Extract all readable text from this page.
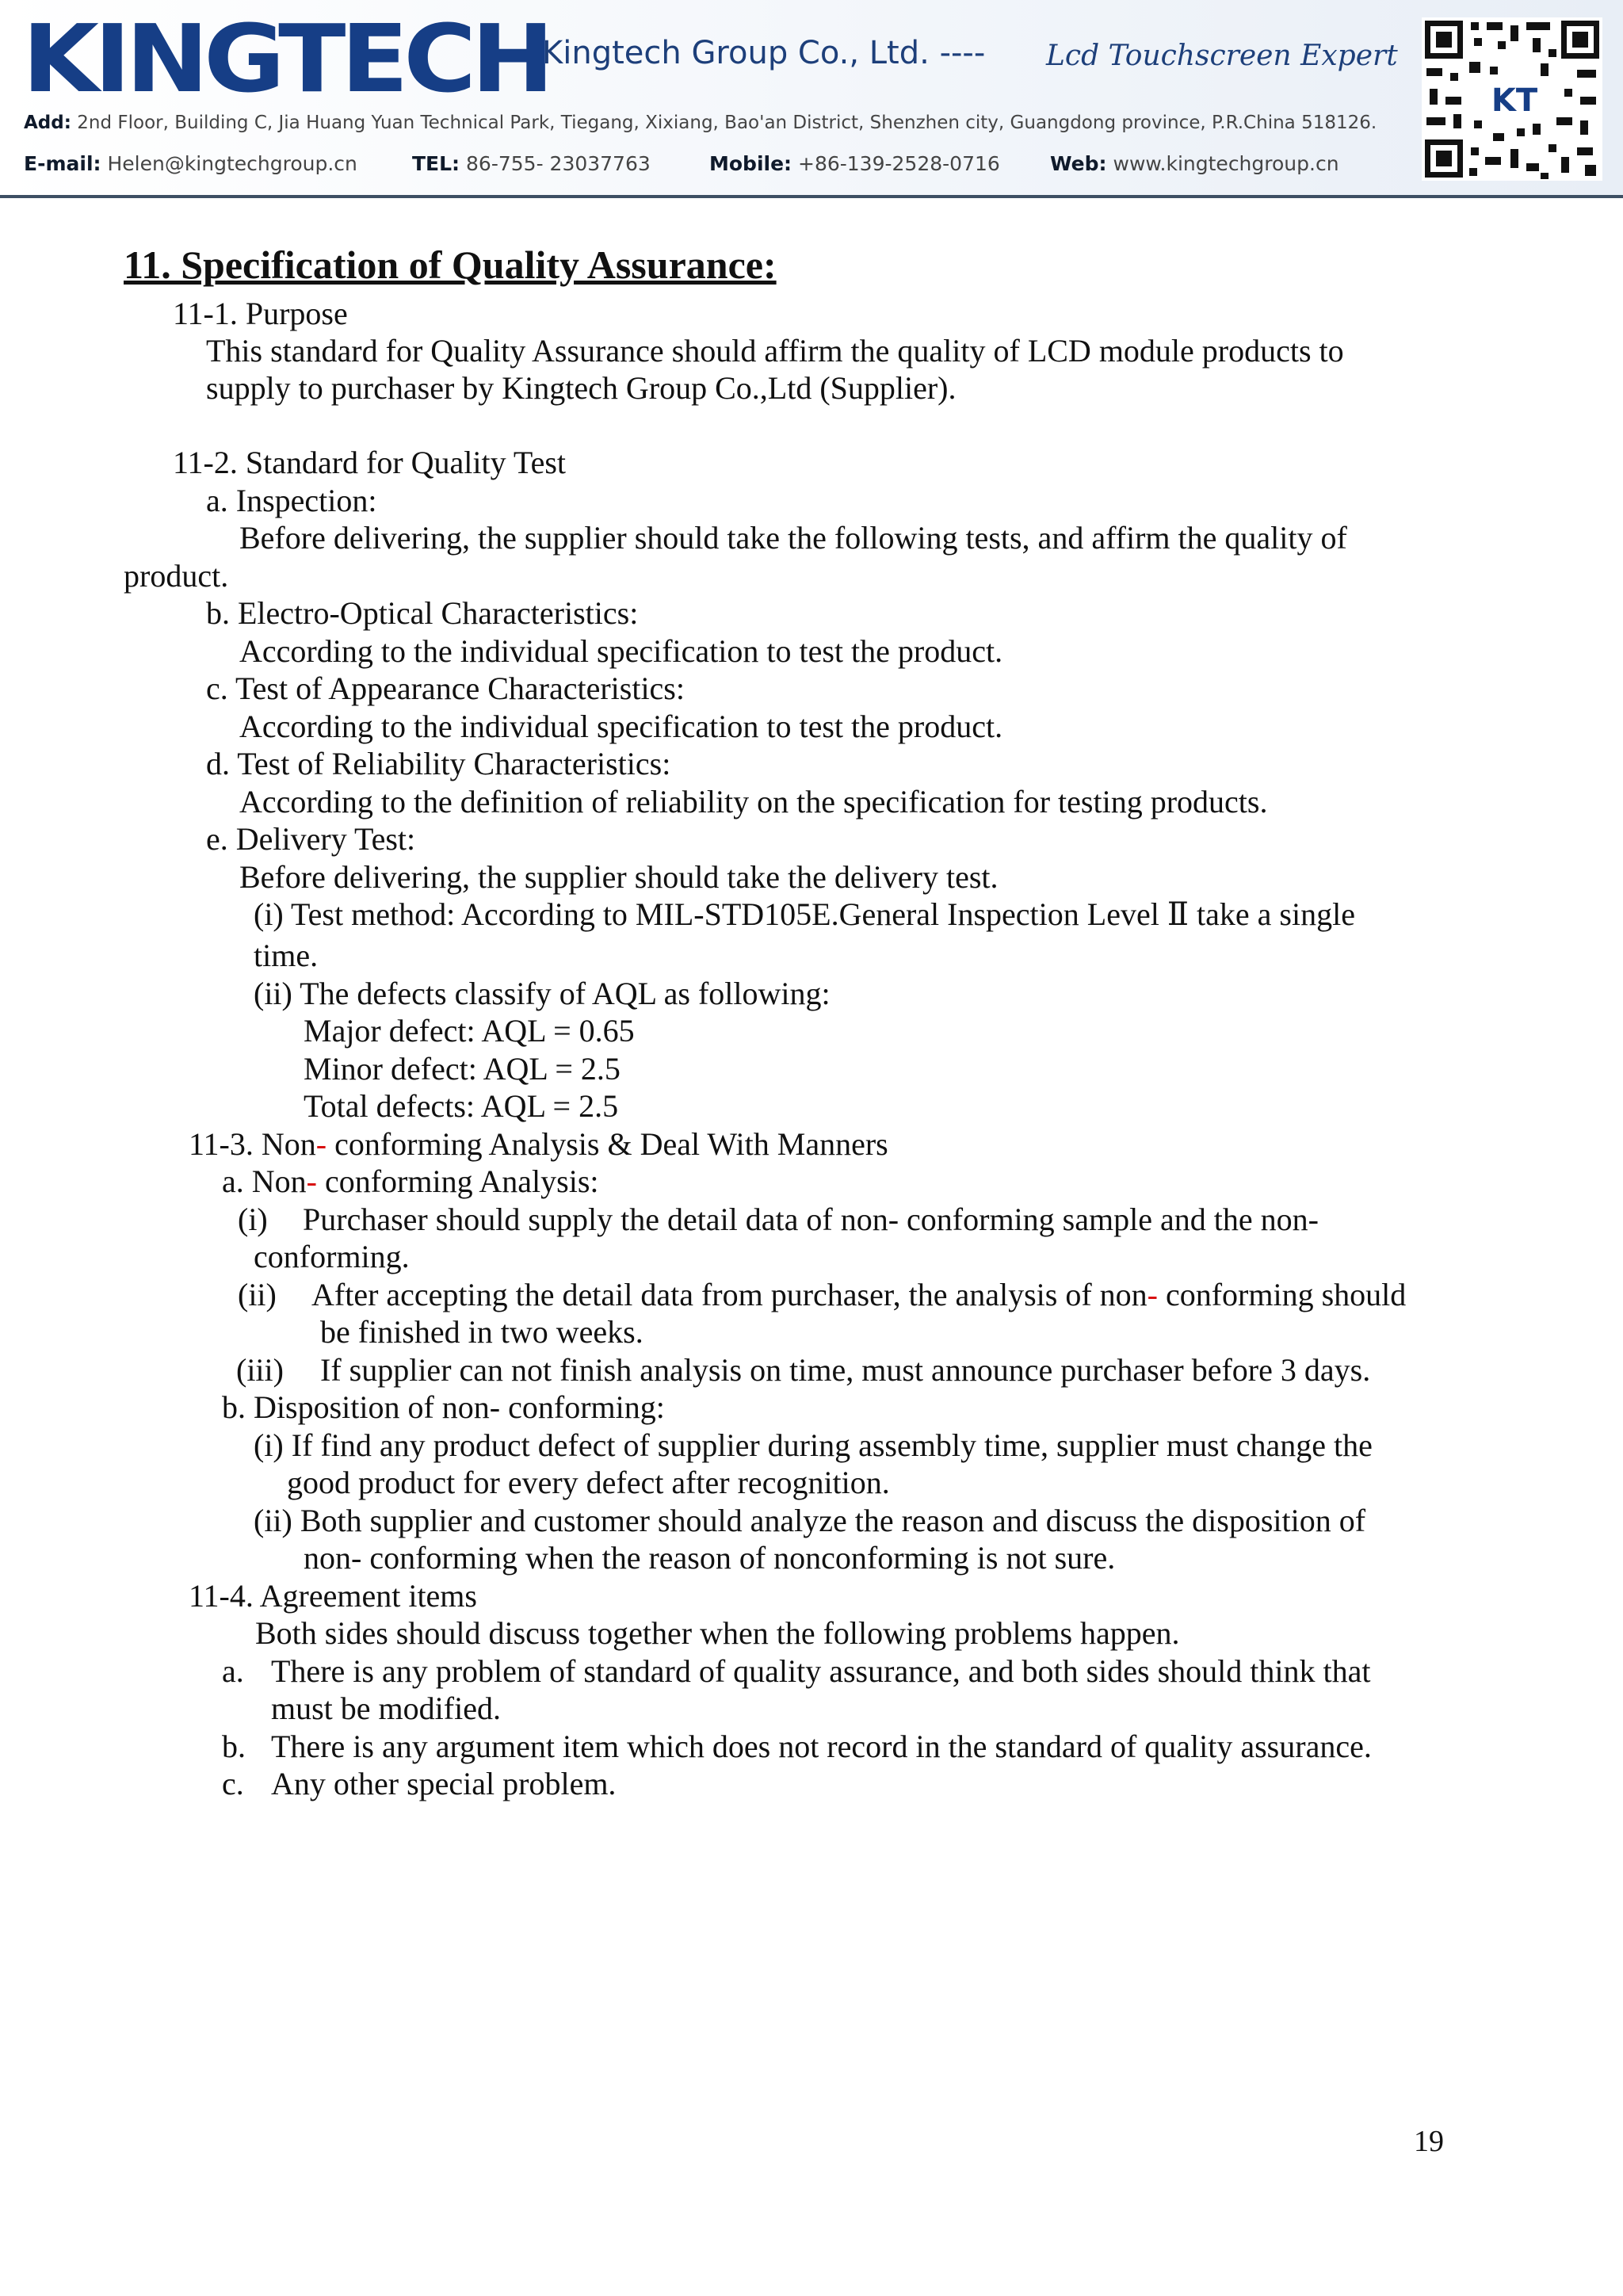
KINGTECH
Kingtech Group Co., Ltd. ---- Lcd Touchscreen Expert
Add: 2nd Floor, Building C, Jia Huang Yuan Technical Park, Tiegang, Xixiang, Bao'an District, Shenzhen city, Guangdong province, P.R.China 518126.
E-mail: Helen@kingtechgroup.cn	TEL: 86-755- 23037763	Mobile: +86-139-2528-0716	Web: www.kingtechgroup.cn
KT
11. Specification of Quality Assurance:
11-1. Purpose
This standard for Quality Assurance should affirm the quality of LCD module products to
supply to purchaser by Kingtech Group Co.,Ltd (Supplier).
11-2. Standard for Quality Test
a. Inspection:
Before delivering, the supplier should take the following tests, and affirm the quality of
product.
b. Electro-Optical Characteristics:
According to the individual specification to test the product.
c. Test of Appearance Characteristics:
According to the individual specification to test the product.
d. Test of Reliability Characteristics:
According to the definition of reliability on the specification for testing products.
e. Delivery Test:
Before delivering, the supplier should take the delivery test.
(i) Test method: According to MIL-STD105E.General Inspection Level Ⅱ take a single
time.
(ii) The defects classify of AQL as following:
Major defect: AQL = 0.65
Minor defect: AQL = 2.5
Total defects: AQL = 2.5
11-3. Non- conforming Analysis & Deal With Manners
a. Non- conforming Analysis:
(i) Purchaser should supply the detail data of non- conforming sample and the non-
conforming.
(ii) After accepting the detail data from purchaser, the analysis of non- conforming should
be finished in two weeks.
(iii) If supplier can not finish analysis on time, must announce purchaser before 3 days.
b. Disposition of non- conforming:
(i) If find any product defect of supplier during assembly time, supplier must change the
good product for every defect after recognition.
(ii) Both supplier and customer should analyze the reason and discuss the disposition of
non- conforming when the reason of nonconforming is not sure.
11-4. Agreement items
Both sides should discuss together when the following problems happen.
a. There is any problem of standard of quality assurance, and both sides should think that
must be modified.
b. There is any argument item which does not record in the standard of quality assurance.
c. Any other special problem.
19
